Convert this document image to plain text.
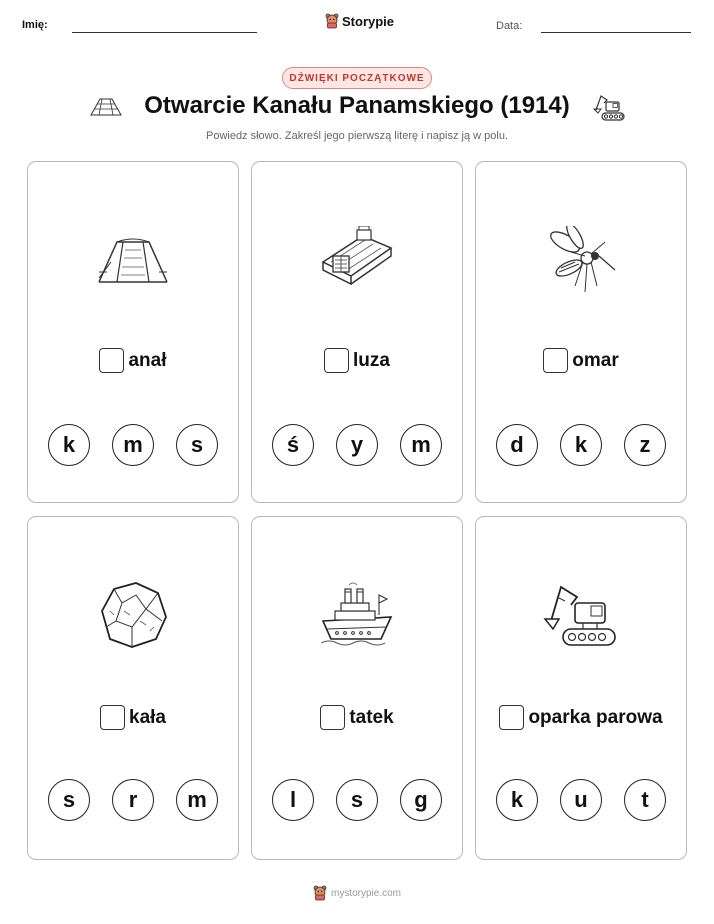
Imię:	Storypie	Data:
DŹWIĘKI POCZĄTKOWE
Otwarcie Kanału Panamskiego (1914)
Powiedz słowo. Zakreśl jego pierwszą literę i napisz ją w polu.
anał
k	m	s
luza
ś	y	m
omar
d	k	z
kała
s	r	m
tatek
l	s	g
oparka parowa
k	u	t
mystorypie.com
